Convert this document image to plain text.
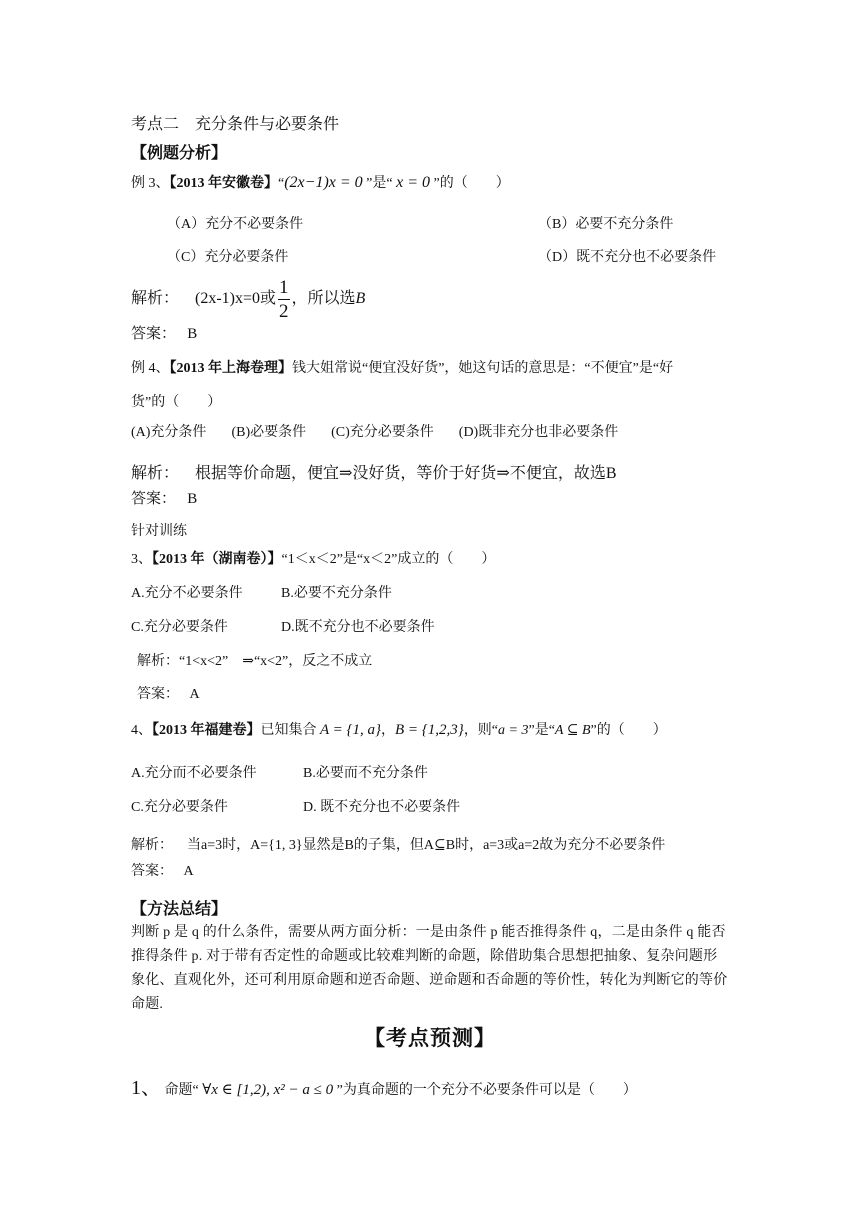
考点二　充分条件与必要条件
【例题分析】
例 3、【2013 年安徽卷】“(2x−1)x = 0 ”是“ x = 0 ”的（　　）
（A）充分不必要条件	（B）必要不充分条件
（C）充分必要条件	（D）既不充分也不必要条件
解析： (2x-1)x=0或 $\frac{1}{2}$ ，所以选B
答案： B
例 4、【2013 年上海卷理】钱大姐常说“便宜没好货”，她这句话的意思是：“不便宜”是“好
货”的（　　）
(A)充分条件 (B)必要条件 (C)充分必要条件 (D)既非充分也非必要条件
解析： 根据等价命题，便宜⇒没好货，等价于好货⇒不便宜，故选B
答案： B
针对训练
3、【2013 年（湖南卷）】“1＜x＜2”是“x＜2”成立的（　　）
A.充分不必要条件	B.必要不充分条件
C.充分必要条件	D.既不充分也不必要条件
解析：“1<x<2”　⇒“x<2”，反之不成立
答案： A
4、【2013 年福建卷】已知集合 A = {1, a}，B = {1,2,3}，则“a = 3”是“A ⊆ B”的（　　）
A.充分而不必要条件	B.必要而不充分条件
C.充分必要条件	D. 既不充分也不必要条件
解析： 当a=3时，A={1, 3}显然是B的子集，但A⊆B时，a=3或a=2故为充分不必要条件
答案： A
【方法总结】
判断 p 是 q 的什么条件，需要从两方面分析：一是由条件 p 能否推得条件 q，二是由条件 q 能否推得条件 p. 对于带有否定性的命题或比较难判断的命题，除借助集合思想把抽象、复杂问题形象化、直观化外，还可利用原命题和逆否命题、逆命题和否命题的等价性，转化为判断它的等价命题.
【考点预测】
1、 命题“ ∀x ∈ [1,2), x² − a ≤ 0 ”为真命题的一个充分不必要条件可以是（　　）
